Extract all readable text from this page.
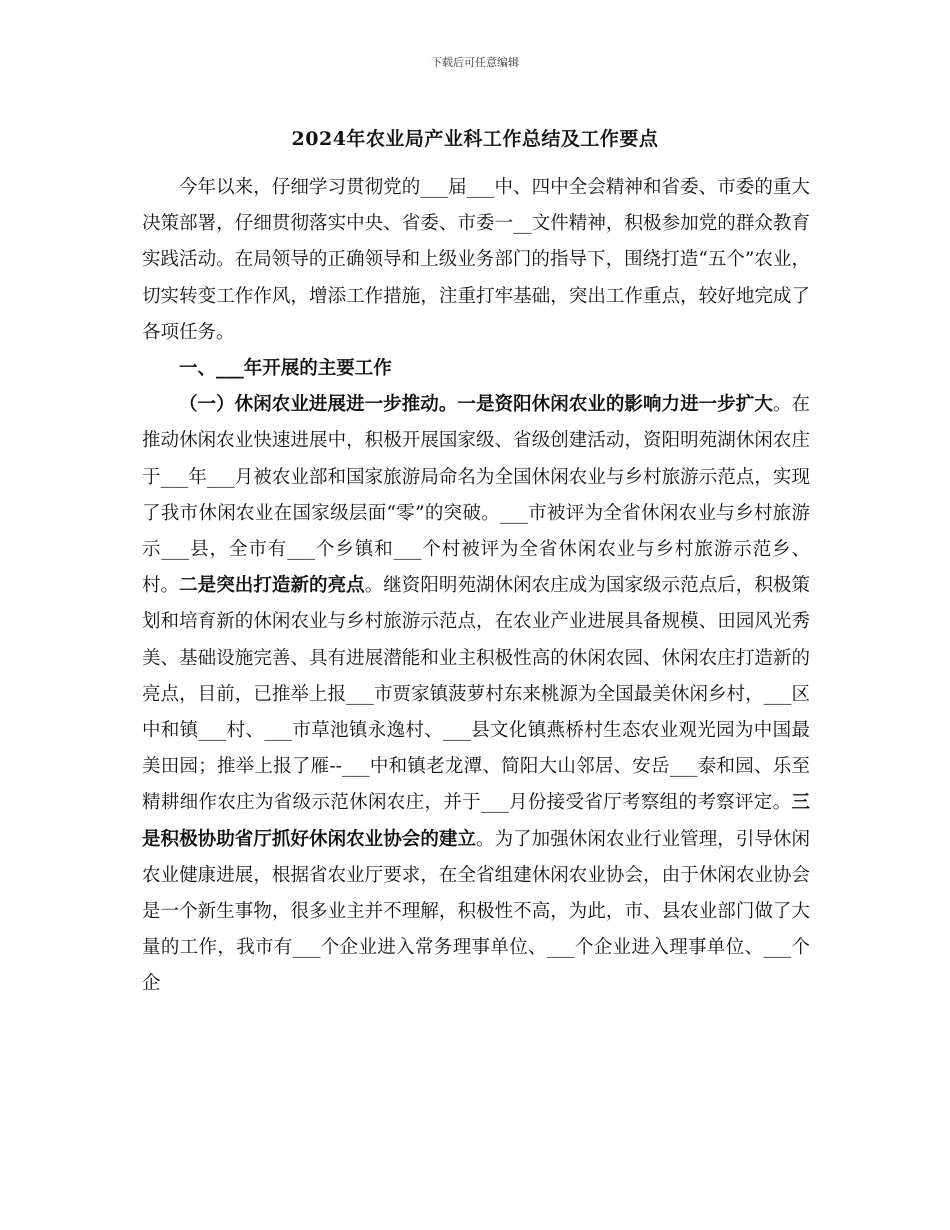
下载后可任意编辑
2024年农业局产业科工作总结及工作要点

今年以来，仔细学习贯彻党的___届___中、四中全会精神和省委、市委的重大决策部署，仔细贯彻落实中央、省委、市委一__文件精神，积极参加党的群众教育实践活动。在局领导的正确领导和上级业务部门的指导下，围绕打造“五个”农业，切实转变工作作风，增添工作措施，注重打牢基础，突出工作重点，较好地完成了各项任务。

一、___年开展的主要工作

（一）休闲农业进展进一步推动。一是资阳休闲农业的影响力进一步扩大。在推动休闲农业快速进展中，积极开展国家级、省级创建活动，资阳明苑湖休闲农庄于___年___月被农业部和国家旅游局命名为全国休闲农业与乡村旅游示范点，实现了我市休闲农业在国家级层面“零”的突破。___市被评为全省休闲农业与乡村旅游示___县，全市有___个乡镇和___个村被评为全省休闲农业与乡村旅游示范乡、村。二是突出打造新的亮点。继资阳明苑湖休闲农庄成为国家级示范点后，积极策划和培育新的休闲农业与乡村旅游示范点，在农业产业进展具备规模、田园风光秀美、基础设施完善、具有进展潜能和业主积极性高的休闲农园、休闲农庄打造新的亮点，目前，已推举上报___市贾家镇菠萝村东来桃源为全国最美休闲乡村，___区中和镇___村、___市草池镇永逸村、___县文化镇燕桥村生态农业观光园为中国最美田园；推举上报了雁--___中和镇老龙潭、简阳大山邻居、安岳___泰和园、乐至精耕细作农庄为省级示范休闲农庄，并于___月份接受省厅考察组的考察评定。三是积极协助省厅抓好休闲农业协会的建立。为了加强休闲农业行业管理，引导休闲农业健康进展，根据省农业厅要求，在全省组建休闲农业协会，由于休闲农业协会是一个新生事物，很多业主并不理解，积极性不高，为此，市、县农业部门做了大量的工作，我市有___个企业进入常务理事单位、___个企业进入理事单位、___个企
